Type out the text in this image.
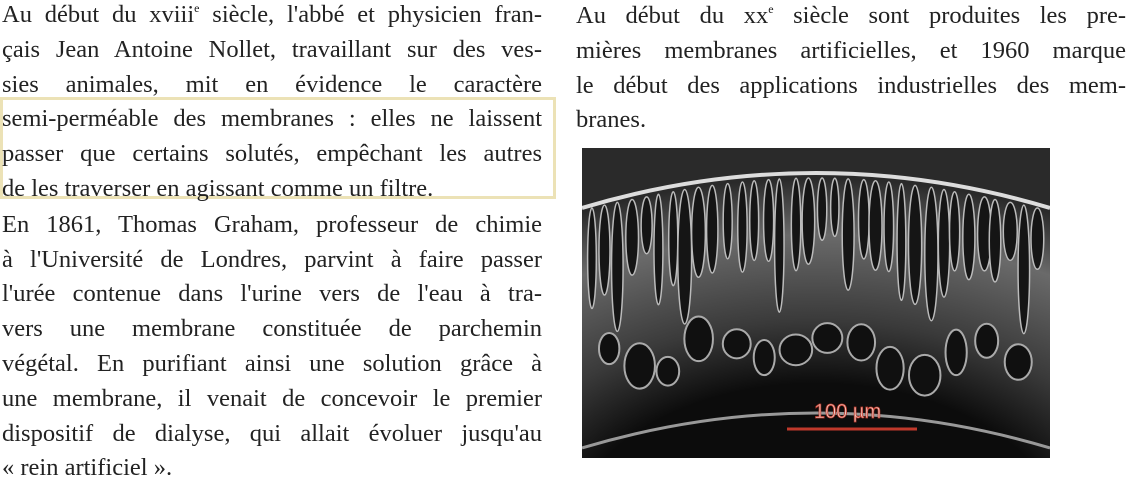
Au début du xviii$^e$ siècle, l'abbé et physicien fran-
çais Jean Antoine Nollet, travaillant sur des ves-
sies animales, mit en évidence le caractère
semi-perméable des membranes : elles ne laissent
passer que certains solutés, empêchant les autres
de les traverser en agissant comme un filtre.
En 1861, Thomas Graham, professeur de chimie
à l'Université de Londres, parvint à faire passer
l'urée contenue dans l'urine vers de l'eau à tra-
vers une membrane constituée de parchemin
végétal. En purifiant ainsi une solution grâce à
une membrane, il venait de concevoir le premier
dispositif de dialyse, qui allait évoluer jusqu'au
« rein artificiel ».
Au début du $xx^e$ siècle sont produites les pre-
mières membranes artificielles, et 1960 marque
le début des applications industrielles des mem-
branes.
100 µm
